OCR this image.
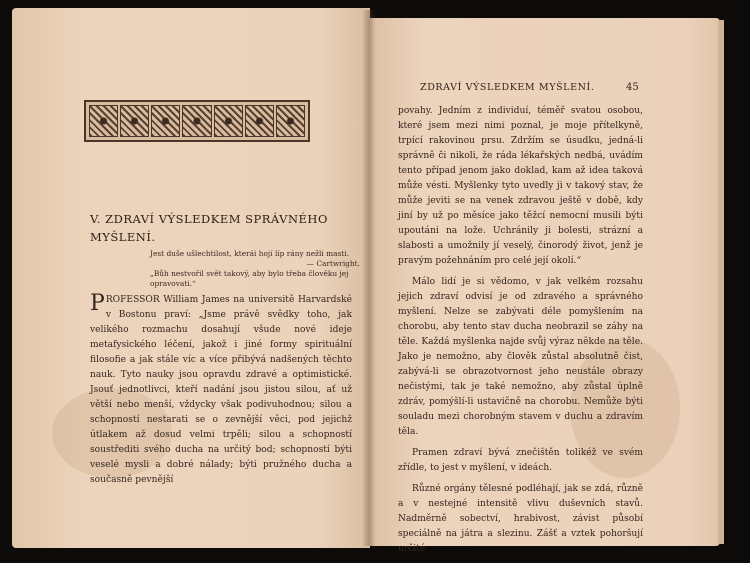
V. ZDRAVÍ VÝSLEDKEM SPRÁVNÉHO MYŠLENÍ.

Jest duše ušlechtilost, kterái hojí líp rány nežli masti.

— Cartwright.

„Bůh nestvořil svět takový, aby bylo třeba člověku jej opravovati.“

PROFESSOR William James na universitě Harvardské v Bostonu praví: „Jsme právě svědky toho, jak velikého rozmachu dosahují všude nové ideje metafysického léčení, jakož i jiné formy spirituální filosofie a jak stále víc a více přibývá nadšených těchto nauk. Tyto nauky jsou opravdu zdravé a optimistické. Jsouť jednotlivci, kteří nadání jsou jistou silou, ať už větší nebo menší, vždycky však podivuhodnou; silou a schopností nestarati se o zevnější věci, pod jejichž útlakem až dosud velmi trpěli; silou a schopností soustřediti svého ducha na určitý bod; schopností býti veselé mysli a dobré nálady; býti pružného ducha a současně pevnější

ZDRAVÍ VÝSLEDKEM MYŠLENÍ.	45

povahy. Jedním z individuí, téměř svatou osobou, které jsem mezi nimi poznal, je moje přítelkyně, trpící rakovinou prsu. Zdržím se úsudku, jedná-li správně či nikoli, že ráda lékařských nedbá, uvádím tento případ jenom jako doklad, kam až idea taková může vésti. Myšlenky tyto uvedly ji v takový stav, že může jeviti se na venek zdravou ještě v době, kdy jiní by už po měsíce jako těžcí nemocní musili býti upoutáni na lože. Uchránily ji bolesti, strázní a slabosti a umožnily jí veselý, činorodý život, jenž je pravým požehnáním pro celé její okolí.“

Málo lidí je si vědomo, v jak velkém rozsahu jejich zdraví odvisí je od zdravého a správného myšlení. Nelze se zabývati déle pomyšlením na chorobu, aby tento stav ducha neobrazil se záhy na těle. Každá myšlenka najde svůj výraz někde na těle. Jako je nemožno, aby člověk zůstal absolutně čist, zabývá-li se obrazotvornost jeho neustále obrazy nečistými, tak je také nemožno, aby zůstal úplně zdráv, pomýšlí-li ustavičně na chorobu. Nemůže býti souladu mezi chorobným stavem v duchu a zdravím těla.

Pramen zdraví bývá znečištěn tolikéž ve svém zřídle, to jest v myšlení, v ideách.

Různé orgány tělesné podléhají, jak se zdá, různě a v nestejné intensitě vlivu duševních stavů. Nadměrně sobectví, hrabivost, závist působí speciálně na játra a slezinu. Zášť a vztek pohoršují určité
